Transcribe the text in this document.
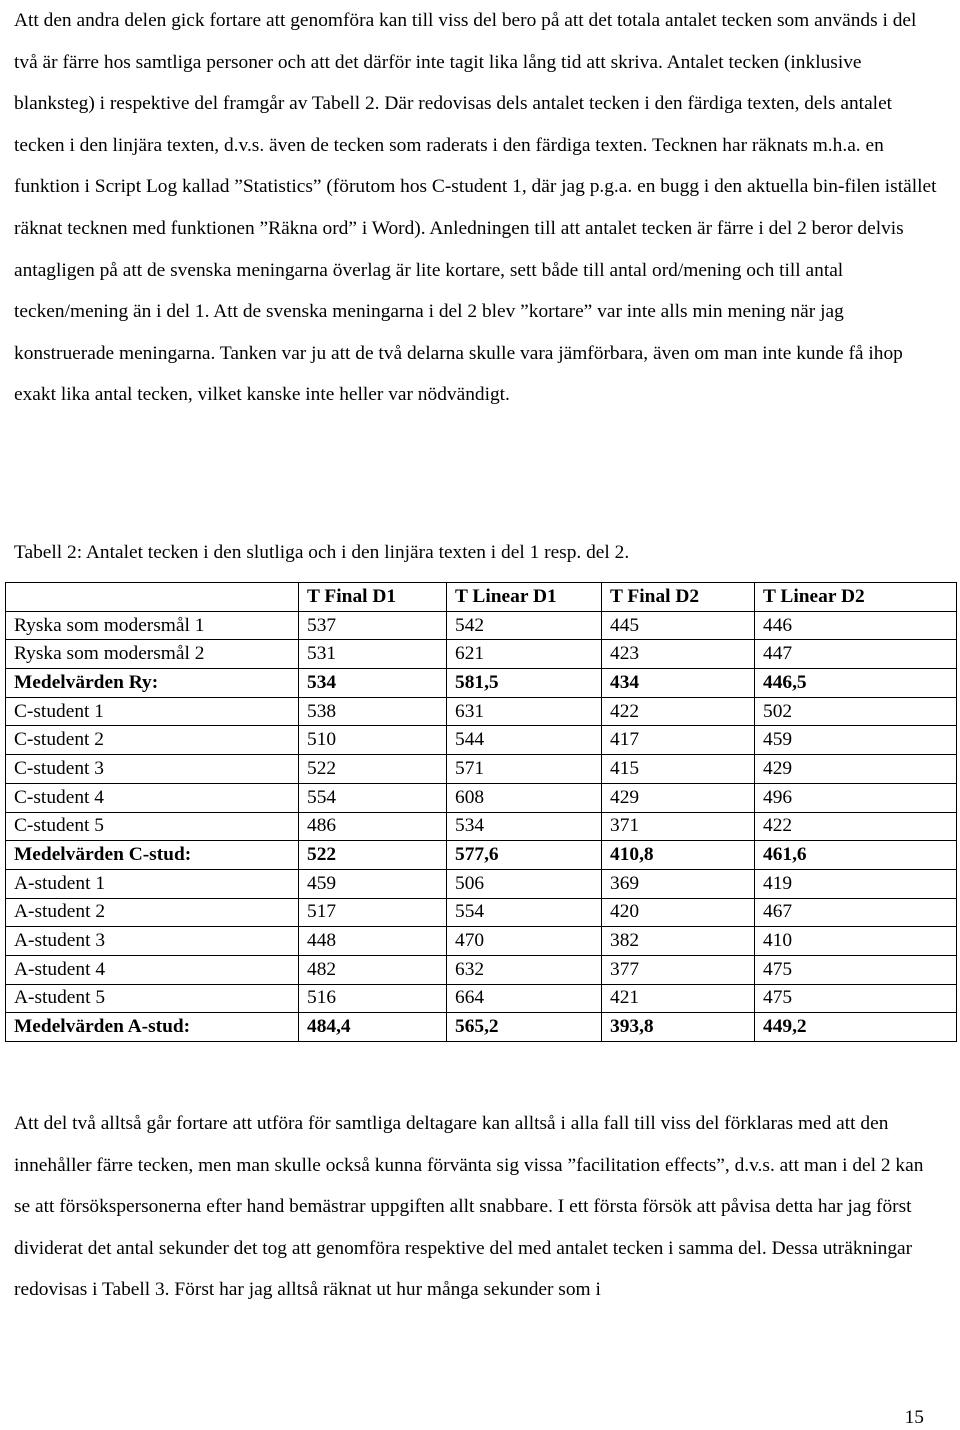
Att den andra delen gick fortare att genomföra kan till viss del bero på att det totala antalet tecken som används i del två är färre hos samtliga personer och att det därför inte tagit lika lång tid att skriva. Antalet tecken (inklusive blanksteg) i respektive del framgår av Tabell 2. Där redovisas dels antalet tecken i den färdiga texten, dels antalet tecken i den linjära texten, d.v.s. även de tecken som raderats i den färdiga texten. Tecknen har räknats m.h.a. en funktion i Script Log kallad ”Statistics” (förutom hos C-student 1, där jag p.g.a. en bugg i den aktuella bin-filen istället räknat tecknen med funktionen ”Räkna ord” i Word). Anledningen till att antalet tecken är färre i del 2 beror delvis antagligen på att de svenska meningarna överlag är lite kortare, sett både till antal ord/mening och till antal tecken/mening än i del 1. Att de svenska meningarna i del 2 blev ”kortare” var inte alls min mening när jag konstruerade meningarna. Tanken var ju att de två delarna skulle vara jämförbara, även om man inte kunde få ihop exakt lika antal tecken, vilket kanske inte heller var nödvändigt.

Tabell 2: Antalet tecken i den slutliga och i den linjära texten i del 1 resp. del 2.

	T Final D1	T Linear D1	T Final D2	T Linear D2
Ryska som modersmål 1	537	542	445	446
Ryska som modersmål 2	531	621	423	447
Medelvärden Ry:	534	581,5	434	446,5
C-student 1	538	631	422	502
C-student 2	510	544	417	459
C-student 3	522	571	415	429
C-student 4	554	608	429	496
C-student 5	486	534	371	422
Medelvärden C-stud:	522	577,6	410,8	461,6
A-student 1	459	506	369	419
A-student 2	517	554	420	467
A-student 3	448	470	382	410
A-student 4	482	632	377	475
A-student 5	516	664	421	475
Medelvärden A-stud:	484,4	565,2	393,8	449,2

Att del två alltså går fortare att utföra för samtliga deltagare kan alltså i alla fall till viss del förklaras med att den innehåller färre tecken, men man skulle också kunna förvänta sig vissa ”facilitation effects”, d.v.s. att man i del 2 kan se att försökspersonerna efter hand bemästrar uppgiften allt snabbare. I ett första försök att påvisa detta har jag först dividerat det antal sekunder det tog att genomföra respektive del med antalet tecken i samma del. Dessa uträkningar redovisas i Tabell 3. Först har jag alltså räknat ut hur många sekunder som i

15
